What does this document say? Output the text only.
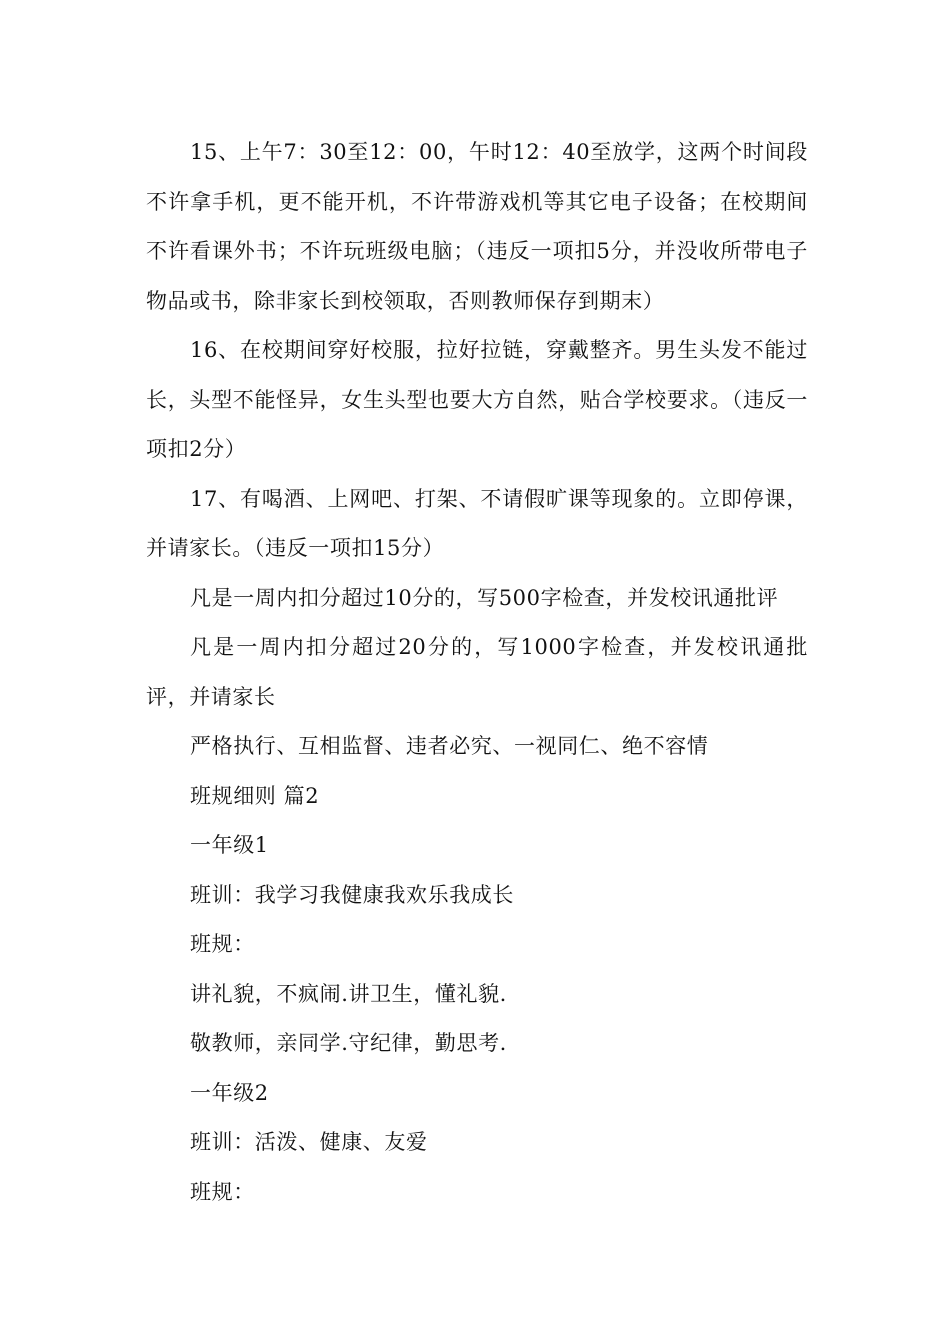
15、上午7：30至12：00，午时12：40至放学，这两个时间段不许拿手机，更不能开机，不许带游戏机等其它电子设备；在校期间不许看课外书；不许玩班级电脑；（违反一项扣5分，并没收所带电子物品或书，除非家长到校领取，否则教师保存到期末）

16、在校期间穿好校服，拉好拉链，穿戴整齐。男生头发不能过长，头型不能怪异，女生头型也要大方自然，贴合学校要求。（违反一项扣2分）

17、有喝酒、上网吧、打架、不请假旷课等现象的。立即停课，并请家长。（违反一项扣15分）

凡是一周内扣分超过10分的，写500字检查，并发校讯通批评

凡是一周内扣分超过20分的，写1000字检查，并发校讯通批评，并请家长

严格执行、互相监督、违者必究、一视同仁、绝不容情

班规细则 篇2

一年级1

班训：我学习我健康我欢乐我成长

班规：

讲礼貌，不疯闹.讲卫生，懂礼貌.

敬教师，亲同学.守纪律，勤思考.

一年级2

班训：活泼、健康、友爱

班规：
